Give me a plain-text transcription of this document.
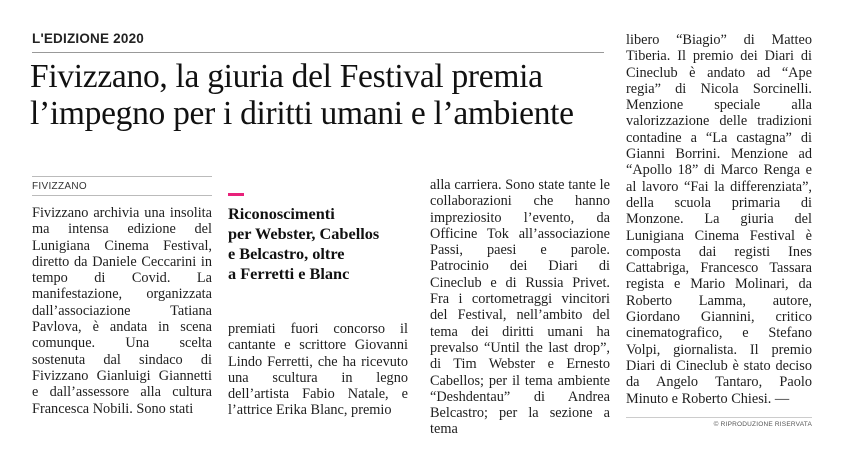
L'EDIZIONE 2020
Fivizzano, la giuria del Festival premia
l’impegno per i diritti umani e l’ambiente
FIVIZZANO

Fivizzano archivia una insolita ma intensa edizione del Lunigiana Cinema Festival, diretto da Daniele Ceccarini in tempo di Covid. La manifestazione, organizzata dall’associazione Tatiana Pavlova, è andata in scena comunque. Una scelta sostenuta dal sindaco di Fivizzano Gianluigi Giannetti e dall’assessore alla cultura Francesca Nobili. Sono stati

Riconoscimenti
per Webster, Cabellos
e Belcastro, oltre
a Ferretti e Blanc

premiati fuori concorso il cantante e scrittore Giovanni Lindo Ferretti, che ha ricevuto una scultura in legno dell’artista Fabio Natale, e l’attrice Erika Blanc, premio

alla carriera. Sono state tante le collaborazioni che hanno impreziosito l’evento, da Officine Tok all’associazione Passi, paesi e parole. Patrocinio dei Diari di Cineclub e di Russia Privet. Fra i cortometraggi vincitori del Festival, nell’ambito del tema dei diritti umani ha prevalso “Until the last drop”, di Tim Webster e Ernesto Cabellos; per il tema ambiente “Deshdentau” di Andrea Belcastro; per la sezione a tema

libero “Biagio” di Matteo Tiberia. Il premio dei Diari di Cineclub è andato ad “Ape regia” di Nicola Sorcinelli. Menzione speciale alla valorizzazione delle tradizioni contadine a “La castagna” di Gianni Borrini. Menzione ad “Apollo 18” di Marco Renga e al lavoro “Fai la differenziata”, della scuola primaria di Monzone. La giuria del Lunigiana Cinema Festival è composta dai registi Ines Cattabriga, Francesco Tassara regista e Mario Molinari, da Roberto Lamma, autore, Giordano Giannini, critico cinematografico, e Stefano Volpi, giornalista. Il premio Diari di Cineclub è stato deciso da Angelo Tantaro, Paolo Minuto e Roberto Chiesi. —

© RIPRODUZIONE RISERVATA
